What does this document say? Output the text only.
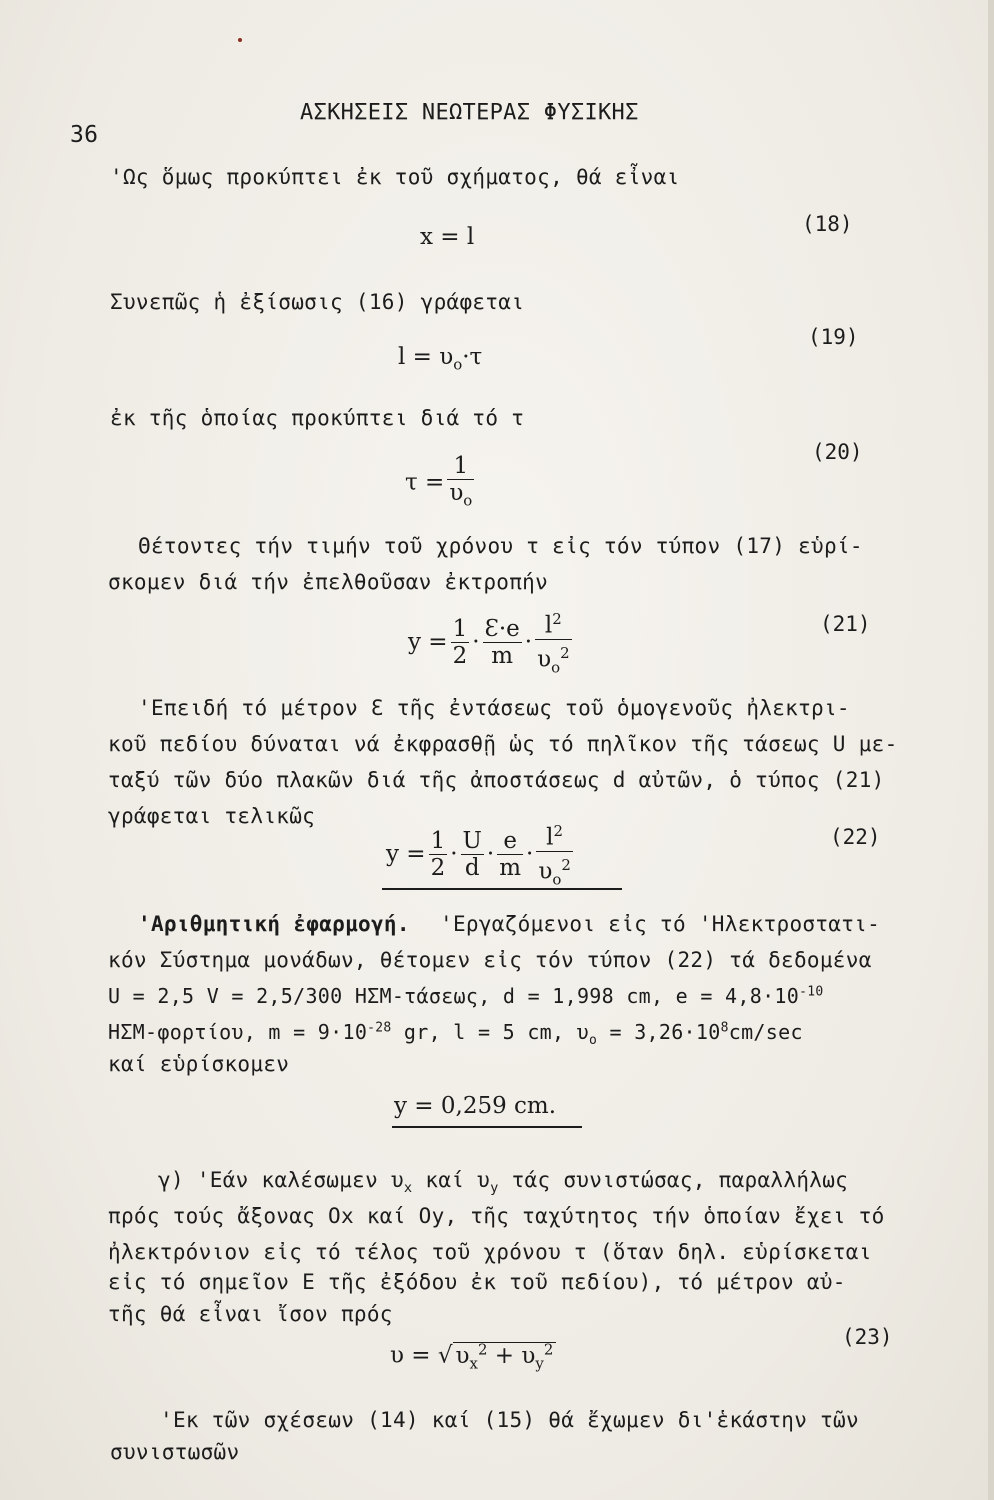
36
ΑΣΚΗΣΕΙΣ ΝΕΩΤΕΡΑΣ ΦΥΣΙΚΗΣ
'Ως ὅμως προκύπτει ἐκ τοῦ σχήματος, θά εἶναι
x = l	(18)
Συνεπῶς ἡ ἐξίσωσις (16) γράφεται
$l = \upsilon_o\cdot\tau$
(19)
ἐκ τῆς ὁποίας προκύπτει διά τό τ
$\tau = \frac{1}{\upsilon_o}$
(20)
Θέτοντες τήν τιμήν τοῦ χρόνου τ εἰς τόν τύπον (17) εὑρί-
σκομεν διά τήν ἐπελθοῦσαν ἐκτροπήν
$y = \frac{1}{2} \cdot \frac{Ɛ\cdot e}{m} \cdot \frac{l^2}{\upsilon_o^2}$	(21)
'Επειδή τό μέτρον Ɛ τῆς ἐντάσεως τοῦ ὁμογενοῦς ἠλεκτρι-
κοῦ πεδίου δύναται νά ἐκφρασθῇ ὡς τό πηλῖκον τῆς τάσεως U με-
ταξύ τῶν δύο πλακῶν διά τῆς ἀποστάσεως d αὐτῶν, ὁ τύπος (21)
γράφεται τελικῶς
$y = \frac{1}{2} \cdot \frac{U}{d} \cdot \frac{e}{m} \cdot \frac{l^2}{\upsilon_o^2}$	(22)
'Αριθμητική ἐφαρμογή. 'Εργαζόμενοι εἰς τό 'Ηλεκτροστατι-
κόν Σύστημα μονάδων, θέτομεν εἰς τόν τύπον (22) τά δεδομένα
U = 2,5 V = 2,5/300 ΗΣΜ-τάσεως, d = 1,998 cm, $e = 4,8\cdot 10^{-10}$
ΗΣΜ-φορτίου, $m = 9\cdot 10^{-28}$ gr, l = 5 cm, $\upsilon_o = 3,26\cdot 10^8cm/\sec$
καί εὑρίσκομεν
y = 0,259 cm.
γ) 'Εάν καλέσωμεν $\upsilon_x$ καί $\upsilon_y$ τάς συνιστώσας, παραλλήλως
πρός τούς ἄξονας Ox καί Oy, τῆς ταχύτητος τήν ὁποίαν ἔχει τό
ἠλεκτρόνιον εἰς τό τέλος τοῦ χρόνου τ (ὅταν δηλ. εὑρίσκεται
εἰς τό σημεῖον Ε τῆς ἐξόδου ἐκ τοῦ πεδίου), τό μέτρον αὐ-
τῆς θά εἶναι ἴσον πρός
υ = √ $\upsilon_x^2 + \upsilon_y^2$	(23)
'Εκ τῶν σχέσεων (14) καί (15) θά ἔχωμεν δι'ἑκάστην τῶν
συνιστωσῶν
